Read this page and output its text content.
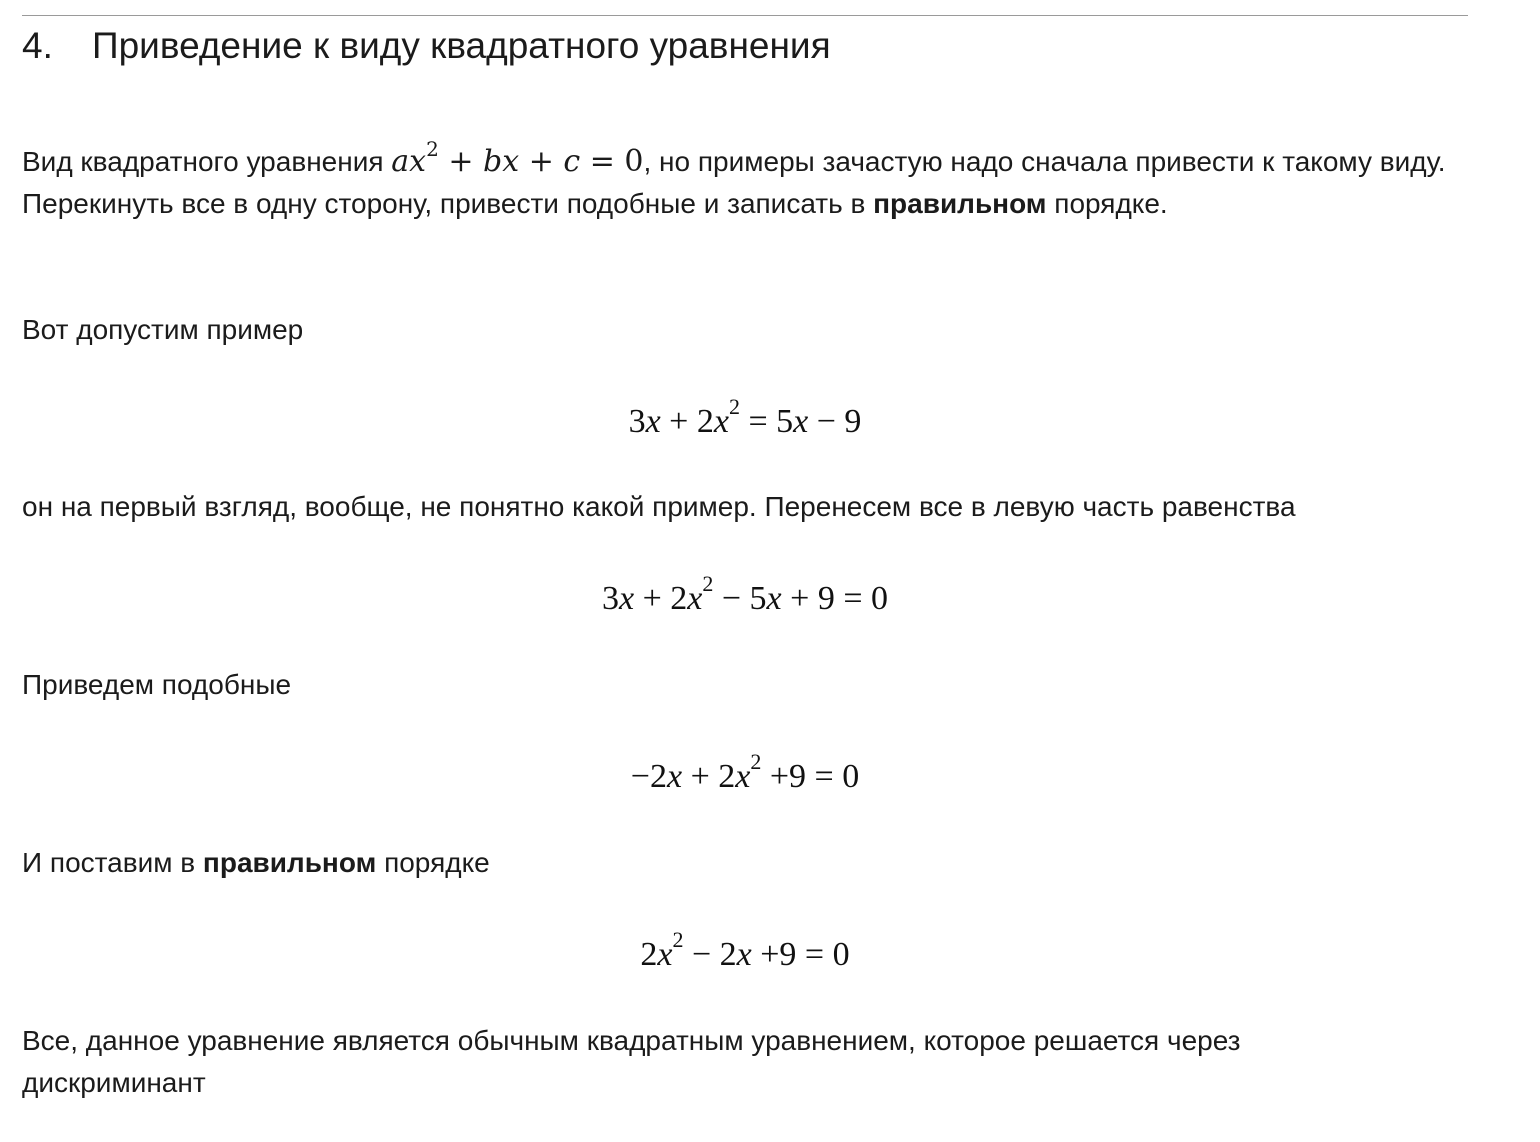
4. Приведение к виду квадратного уравнения

Вид квадратного уравнения $ax^2$ + bx + c = 0, но примеры зачастую надо сначала привести к такому виду. Перекинуть все в одну сторону, привести подобные и записать в правильном порядке.

Вот допустим пример

$3x + 2x^2 = 5x - 9$

он на первый взгляд, вообще, не понятно какой пример. Перенесем все в левую часть равенства

$3x + 2x^2 - 5x + 9 = 0$

Приведем подобные

$-2x + 2x^2 +9 = 0$

И поставим в правильном порядке

$2x^2 - 2x +9 = 0$

Все, данное уравнение является обычным квадратным уравнением, которое решается через дискриминант
